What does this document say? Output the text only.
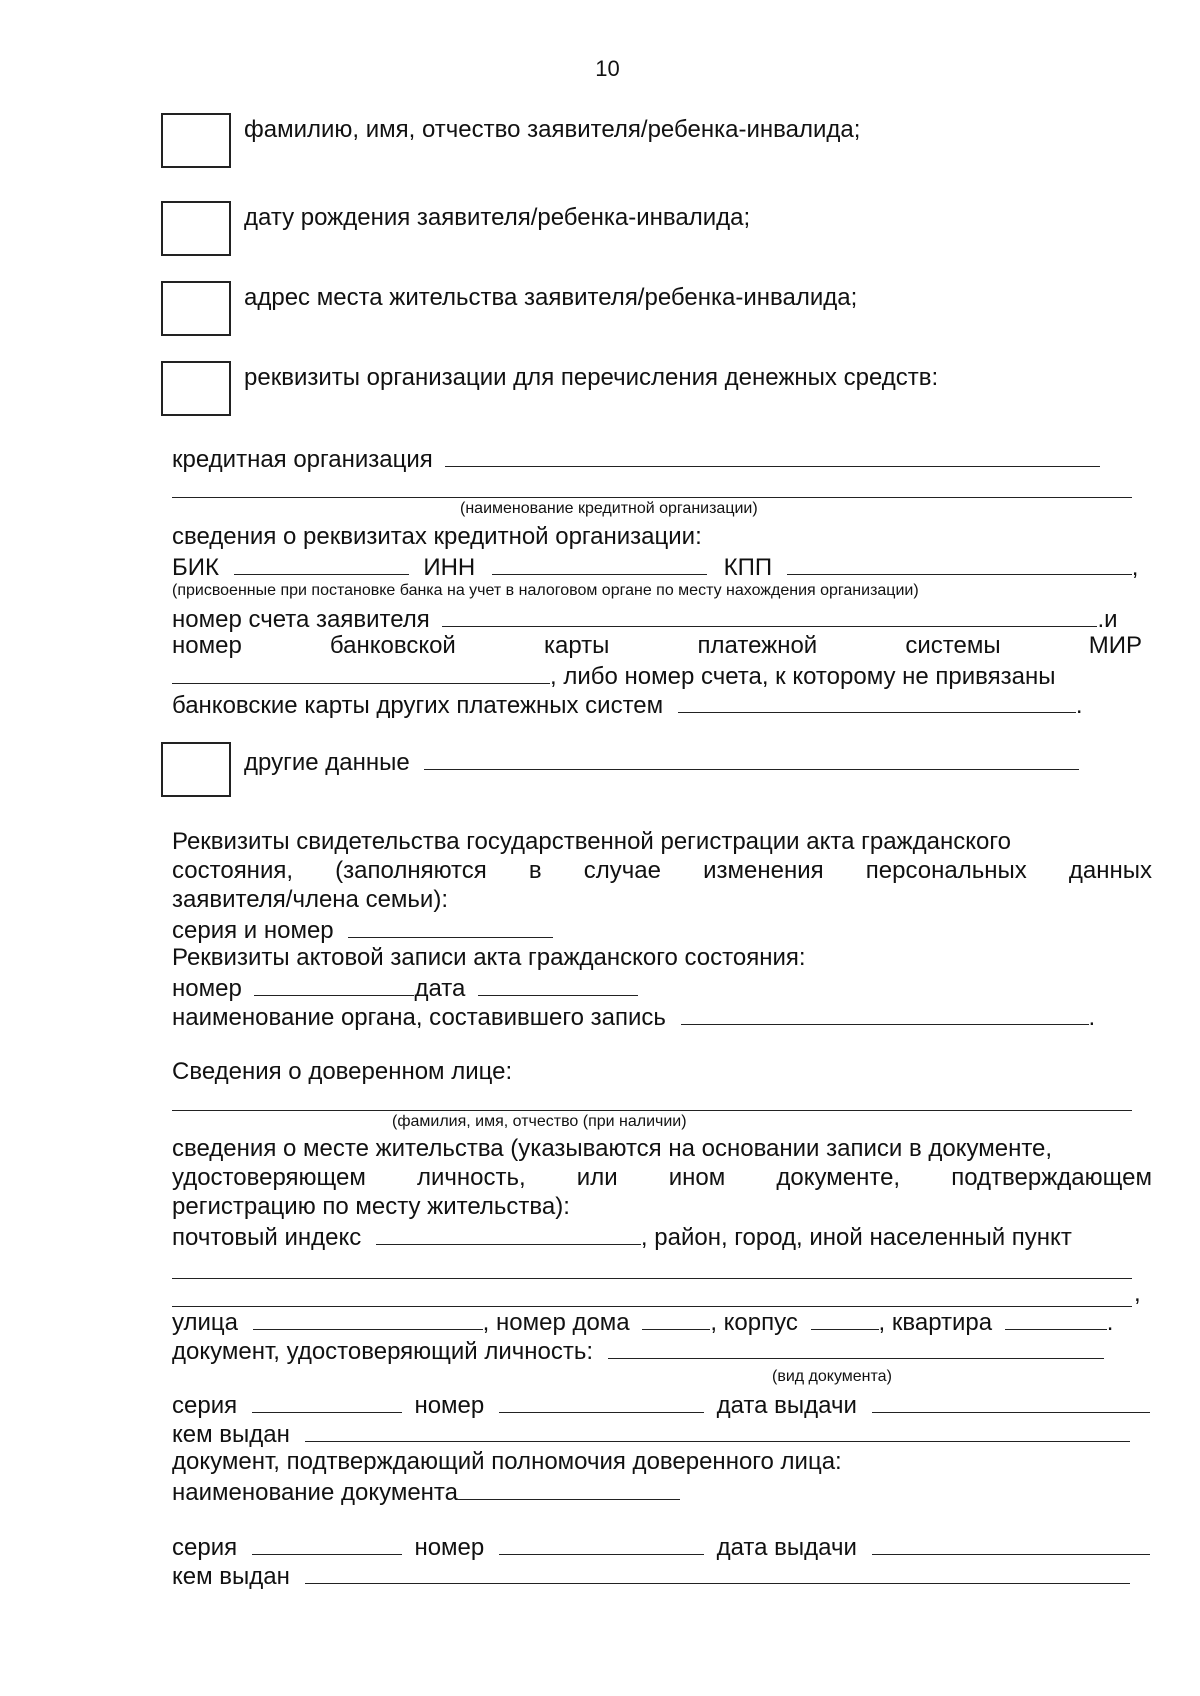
10
фамилию, имя, отчество заявителя/ребенка-инвалида;
дату рождения заявителя/ребенка-инвалида;
адрес места жительства заявителя/ребенка-инвалида;
реквизиты организации для перечисления денежных средств:
кредитная организация
(наименование кредитной организации)
сведения о реквизитах кредитной организации:
БИК	ИНН	КПП	,
(присвоенные при постановке банка на учет в налоговом органе по месту нахождения организации)
номер счета заявителя	.и
номер	банковской	карты	платежной	системы	МИР
, либо номер счета, к которому не привязаны
банковские карты других платежных систем	.
другие данные
Реквизиты свидетельства государственной регистрации акта гражданского
состояния, (заполняются в случае изменения персональных данных
заявителя/члена семьи):
серия и номер
Реквизиты актовой записи акта гражданского состояния:
номер	дата
наименование органа, составившего запись	.
Сведения о доверенном лице:
(фамилия, имя, отчество (при наличии)
сведения о месте жительства (указываются на основании записи в документе,
удостоверяющем личность, или ином документе, подтверждающем
регистрацию по месту жительства):
почтовый индекс	, район, город, иной населенный пункт
,
улица	, номер дома	, корпус	, квартира	.
документ, удостоверяющий личность:
(вид документа)
серия	номер	дата выдачи
кем выдан
документ, подтверждающий полномочия доверенного лица:
наименование документа
серия	номер	дата выдачи
кем выдан
